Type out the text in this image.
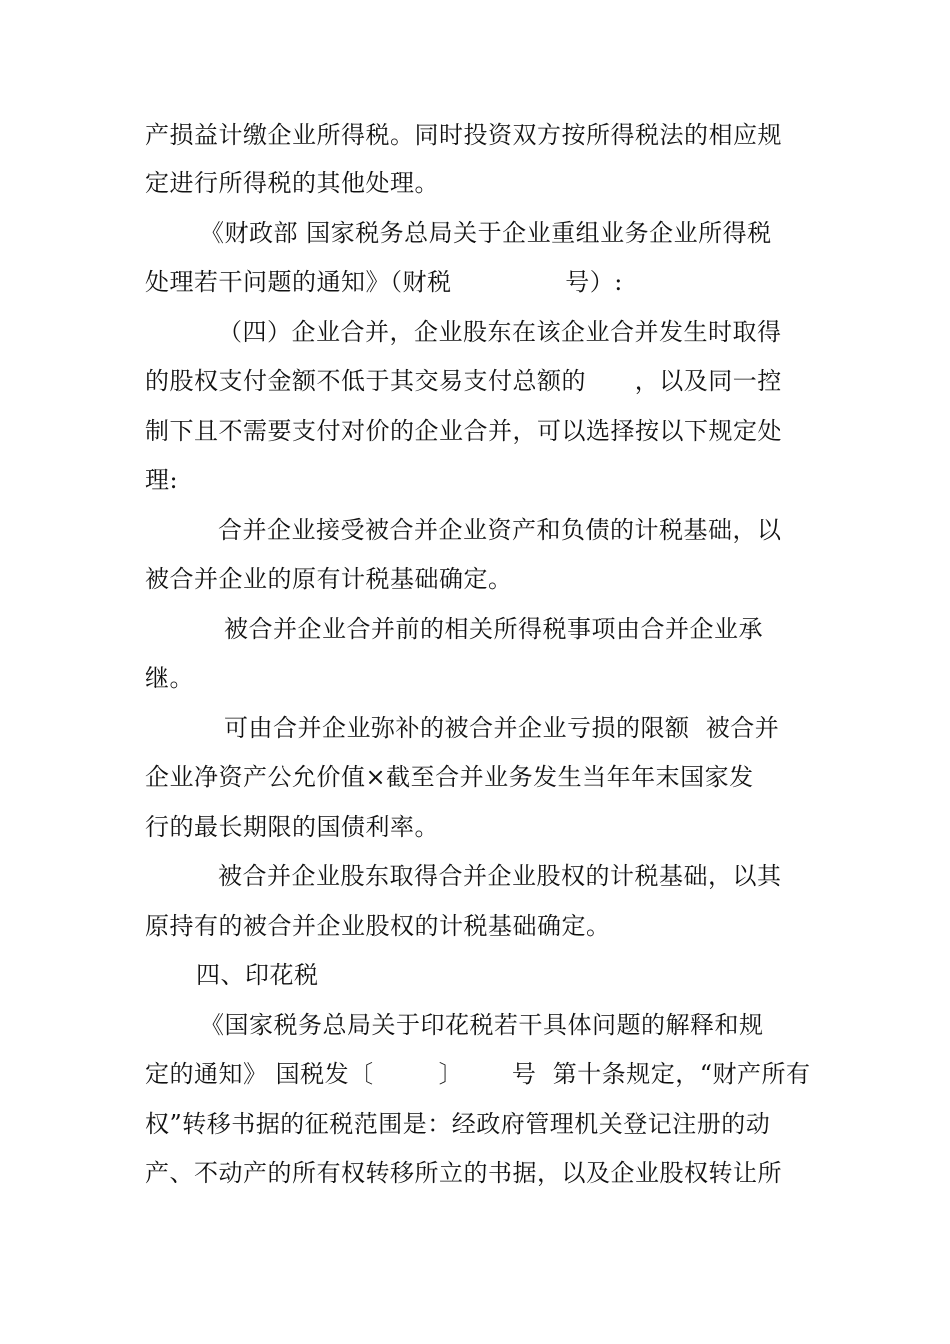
产损益计缴企业所得税。同时投资双方按所得税法的相应规
定进行所得税的其他处理。
《财政部 国家税务总局关于企业重组业务企业所得税
处理若干问题的通知》（财税              号）:
（四）企业合并，企业股东在该企业合并发生时取得
的股权支付金额不低于其交易支付总额的      ，以及同一控
制下且不需要支付对价的企业合并，可以选择按以下规定处
理:
合并企业接受被合并企业资产和负债的计税基础，以
被合并企业的原有计税基础确定。
被合并企业合并前的相关所得税事项由合并企业承
继。
可由合并企业弥补的被合并企业亏损的限额  被合并
企业净资产公允价值×截至合并业务发生当年年末国家发
行的最长期限的国债利率。
被合并企业股东取得合并企业股权的计税基础，以其
原持有的被合并企业股权的计税基础确定。
四、印花税
《国家税务总局关于印花税若干具体问题的解释和规
定的通知》 国税发〔        〕      号  第十条规定，“财产所有
权”转移书据的征税范围是：经政府管理机关登记注册的动
产、不动产的所有权转移所立的书据，以及企业股权转让所
